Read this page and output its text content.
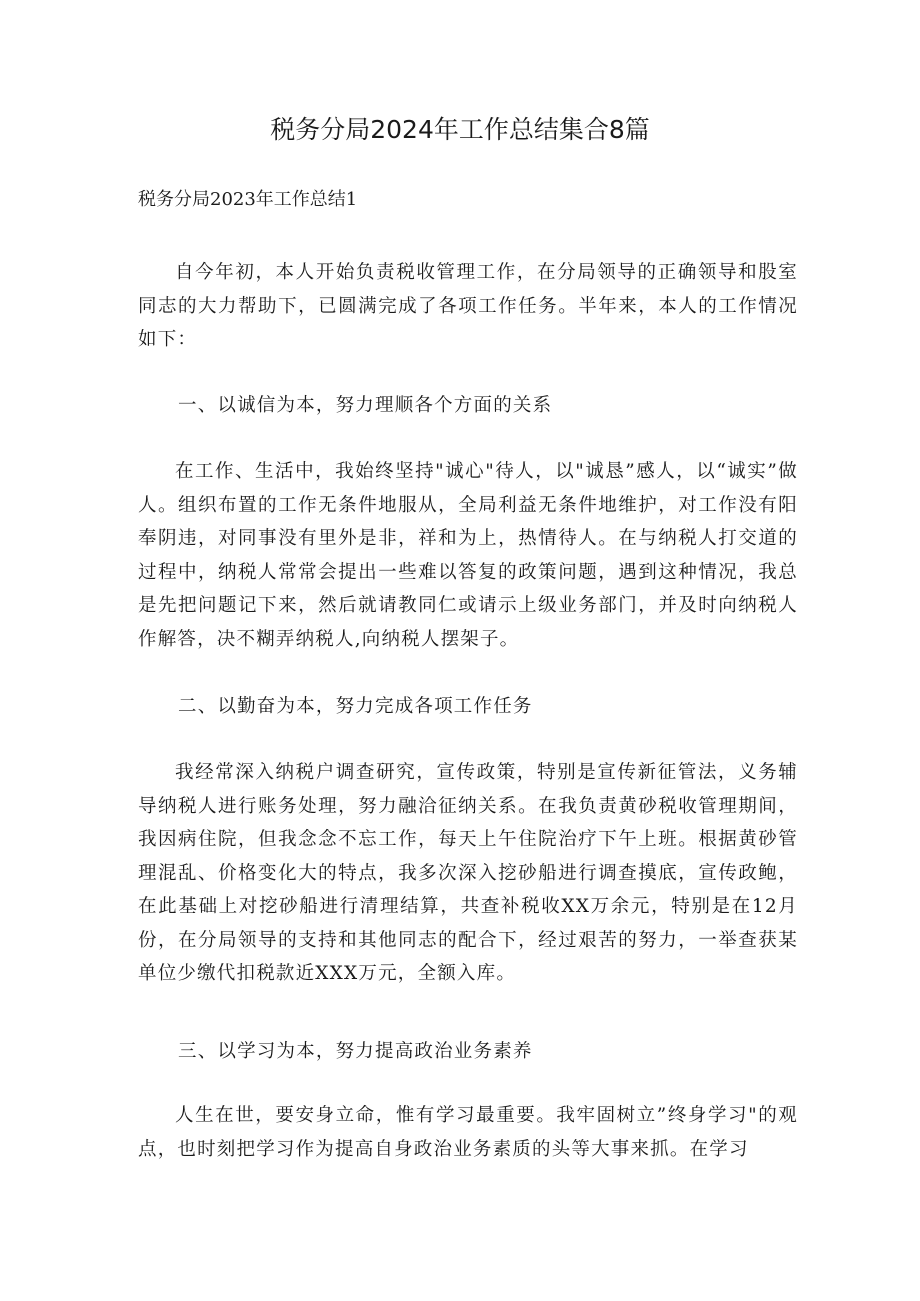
税务分局2024年工作总结集合8篇

税务分局2023年工作总结1

自今年初，本人开始负责税收管理工作，在分局领导的正确领导和股室同志的大力帮助下，已圆满完成了各项工作任务。半年来，本人的工作情况如下：

一、以诚信为本，努力理顺各个方面的关系

在工作、生活中，我始终坚持"诚心"待人，以"诚恳”感人，以“诚实”做人。组织布置的工作无条件地服从，全局利益无条件地维护，对工作没有阳奉阴违，对同事没有里外是非，祥和为上，热情待人。在与纳税人打交道的过程中，纳税人常常会提出一些难以答复的政策问题，遇到这种情况，我总是先把问题记下来，然后就请教同仁或请示上级业务部门，并及时向纳税人作解答，决不糊弄纳税人,向纳税人摆架子。

二、以勤奋为本，努力完成各项工作任务

我经常深入纳税户调查研究，宣传政策，特别是宣传新征管法，义务辅导纳税人进行账务处理，努力融洽征纳关系。在我负责黄砂税收管理期间，我因病住院，但我念念不忘工作，每天上午住院治疗下午上班。根据黄砂管理混乱、价格变化大的特点，我多次深入挖砂船进行调查摸底，宣传政鲍，在此基础上对挖砂船进行清理结算，共查补税收XX万余元，特别是在12月份，在分局领导的支持和其他同志的配合下，经过艰苦的努力，一举查获某单位少缴代扣税款近XXX万元，全额入库。

三、以学习为本，努力提高政治业务素养

人生在世，要安身立命，惟有学习最重要。我牢固树立”终身学习"的观点，也时刻把学习作为提高自身政治业务素质的头等大事来抓。在学习
